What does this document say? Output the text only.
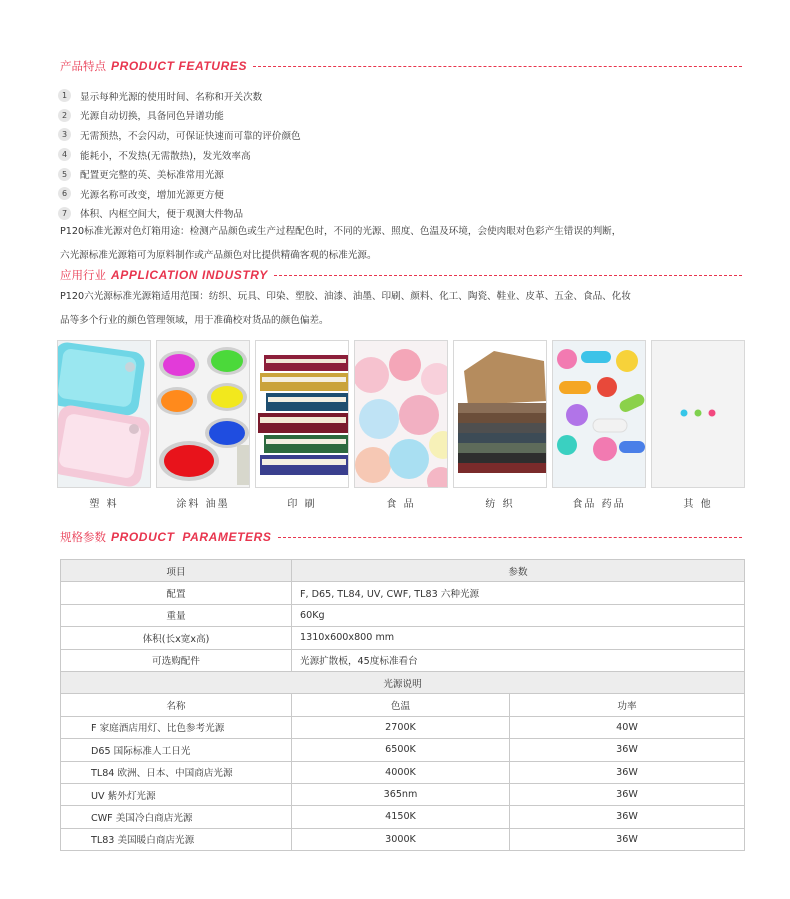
产品特点 PRODUCT FEATURES
1	显示每种光源的使用时间、名称和开关次数
2	光源自动切换，具备同色异谱功能
3	无需预热，不会闪动，可保证快速而可靠的评价颜色
4	能耗小，不发热(无需散热)，发光效率高
5	配置更完整的英、美标准常用光源
6	光源名称可改变，增加光源更方便
7	体积、内框空间大，便于观测大件物品
P120标准光源对色灯箱用途：检测产品颜色或生产过程配色时，不同的光源、照度、色温及环境，会使肉眼对色彩产生错误的判断，
六光源标准光源箱可为原料制作或产品颜色对比提供精确客观的标准光源。
应用行业 APPLICATION INDUSTRY
P120六光源标准光源箱适用范围：纺织、玩具、印染、塑胶、油漆、油墨、印刷、颜料、化工、陶瓷、鞋业、皮革、五金、食品、化妆
品等多个行业的颜色管理领域，用于准确校对货品的颜色偏差。
塑 料	涂料 油墨	印 刷	食 品	纺 织	食品 药品	其 他
规格参数 PRODUCT  PARAMETERS
项目	参数	
配置	F, D65, TL84, UV, CWF, TL83 六种光源	
重量	60Kg	
体积(长x宽x高)	1310x600x800 mm	
可选购配件	光源扩散板，45度标准看台	
光源说明		
名称	色温	功率
F 家庭酒店用灯、比色参考光源	2700K	40W
D65 国际标准人工日光	6500K	36W
TL84 欧洲、日本、中国商店光源	4000K	36W
UV 紫外灯光源	365nm	36W
CWF 美国冷白商店光源	4150K	36W
TL83 美国暖白商店光源	3000K	36W
